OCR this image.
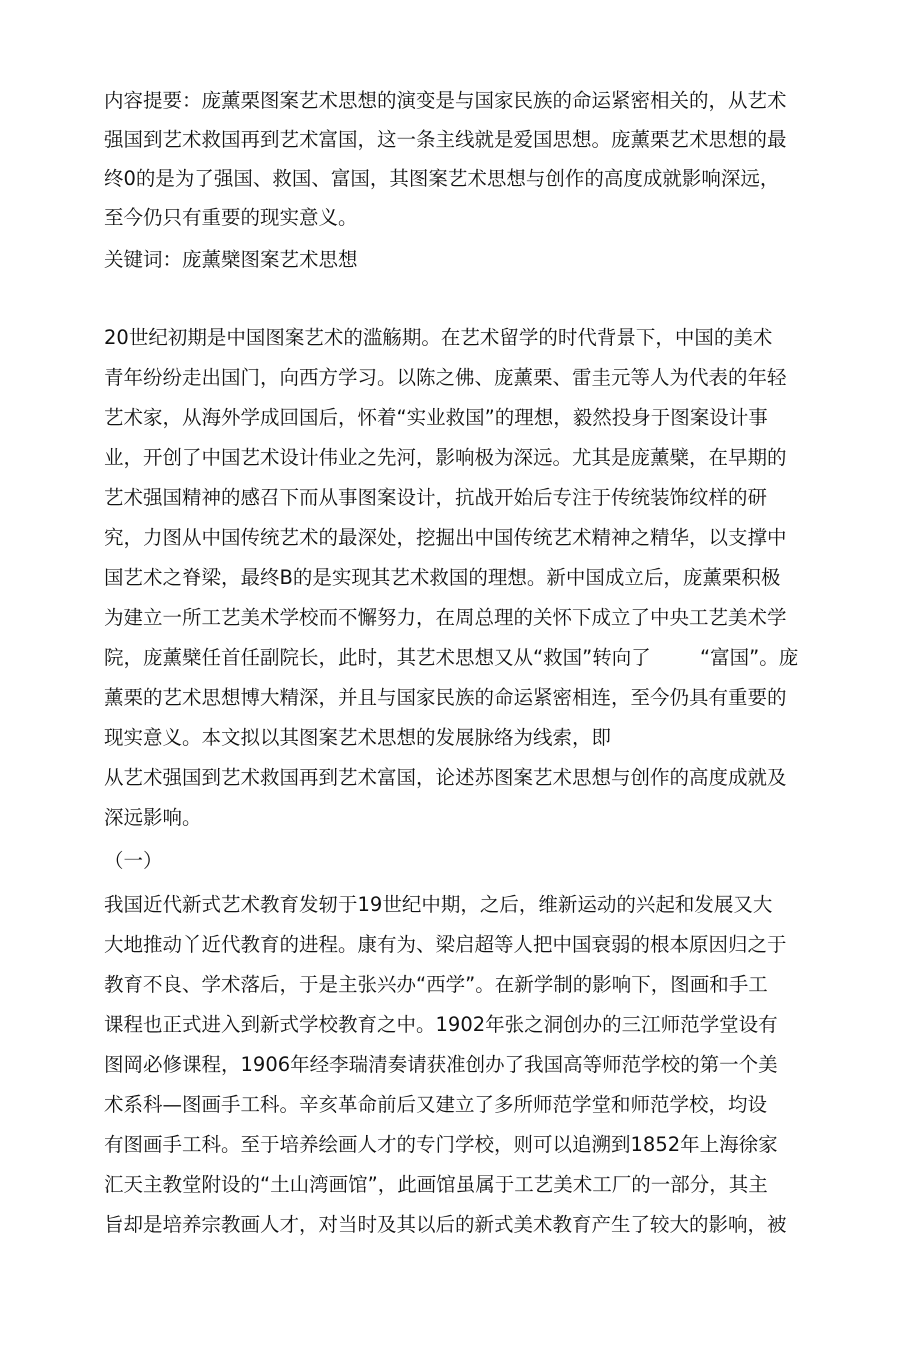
内容提要：庞薰栗图案艺术思想的演变是与国家民族的命运紧密相关的，从艺术
强国到艺术救国再到艺术富国，这一条主线就是爱国思想。庞薰栗艺术思想的最
终0的是为了强国、救国、富国，其图案艺术思想与创作的高度成就影响深远，
至今仍只有重要的现实意义。
关键词：庞薰檗图案艺术思想
20世纪初期是中国图案艺术的滥觞期。在艺术留学的时代背景下，中国的美术
青年纷纷走出国门，向西方学习。以陈之佛、庞薰栗、雷圭元等人为代表的年轻
艺术家，从海外学成回国后，怀着“实业救国”的理想，毅然投身于图案设计事
业，开创了中国艺术设计伟业之先河，影响极为深远。尤其是庞薰檗，在早期的
艺术强国精神的感召下而从事图案设计，抗战开始后专注于传统装饰纹样的研
究，力图从中国传统艺术的最深处，挖掘出中国传统艺术精神之精华，以支撑中
国艺术之脊梁，最终B的是实现其艺术救国的理想。新中国成立后，庞薰栗积极
为建立一所工艺美术学校而不懈努力，在周总理的关怀下成立了中央工艺美术学
院，庞薰檗任首任副院长，此时，其艺术思想又从“救国”转向了	“富国”。庞
薰栗的艺术思想博大精深，并且与国家民族的命运紧密相连，至今仍具有重要的
现实意义。本文拟以其图案艺术思想的发展脉络为线索，即
从艺术强国到艺术救国再到艺术富国，论述苏图案艺术思想与创作的高度成就及
深远影响。
（一）
我国近代新式艺术教育发轫于19世纪中期，之后，维新运动的兴起和发展又大
大地推动丫近代教育的进程。康有为、梁启超等人把中国衰弱的根本原因归之于
教育不良、学术落后，于是主张兴办“西学”。在新学制的影响下，图画和手工
课程也正式进入到新式学校教育之中。1902年张之洞创办的三江师范学堂设有
图岡必修课程，1906年经李瑞清奏请获准创办了我国高等师范学校的第一个美
术系科—图画手工科。辛亥革命前后又建立了多所师范学堂和师范学校，均设
有图画手工科。至于培养绘画人才的专门学校，则可以追溯到1852年上海徐家
汇天主教堂附设的“土山湾画馆”，此画馆虽属于工艺美术工厂的一部分，其主
旨却是培养宗教画人才，对当时及其以后的新式美术教育产生了较大的影响，被
